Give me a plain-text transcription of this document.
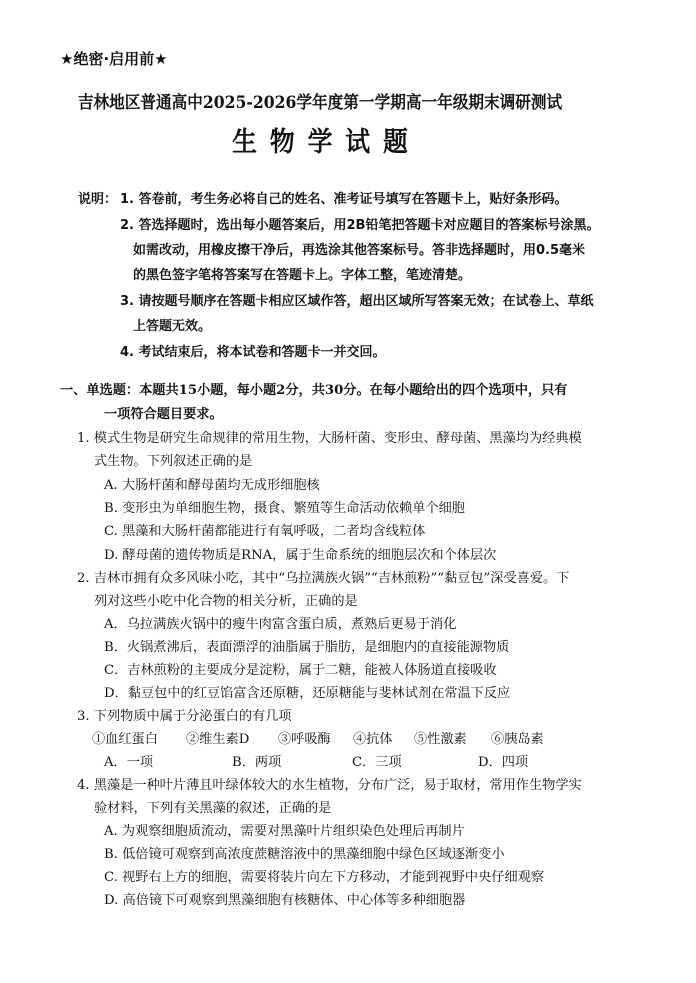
★绝密·启用前★
吉林地区普通高中2025-2026学年度第一学期高一年级期末调研测试
生物学试题
说明： 1. 答卷前，考生务必将自己的姓名、准考证号填写在答题卡上，贴好条形码。
2. 答选择题时，选出每小题答案后，用2B铅笔把答题卡对应题目的答案标号涂黑。
如需改动，用橡皮擦干净后，再选涂其他答案标号。答非选择题时，用0.5毫米
的黑色签字笔将答案写在答题卡上。字体工整，笔迹清楚。
3. 请按题号顺序在答题卡相应区域作答，超出区域所写答案无效；在试卷上、草纸
上答题无效。
4. 考试结束后，将本试卷和答题卡一并交回。
一、单选题：本题共15小题，每小题2分，共30分。在每小题给出的四个选项中，只有
一项符合题目要求。
1. 模式生物是研究生命规律的常用生物，大肠杆菌、变形虫、酵母菌、黑藻均为经典模
式生物。下列叙述正确的是
A. 大肠杆菌和酵母菌均无成形细胞核
B. 变形虫为单细胞生物，摄食、繁殖等生命活动依赖单个细胞
C. 黑藻和大肠杆菌都能进行有氧呼吸，二者均含线粒体
D. 酵母菌的遗传物质是RNA，属于生命系统的细胞层次和个体层次
2. 吉林市拥有众多风味小吃，其中“乌拉满族火锅”“吉林煎粉”“黏豆包”深受喜爱。下
列对这些小吃中化合物的相关分析，正确的是
A．乌拉满族火锅中的瘦牛肉富含蛋白质，煮熟后更易于消化
B．火锅煮沸后，表面漂浮的油脂属于脂肪，是细胞内的直接能源物质
C．吉林煎粉的主要成分是淀粉，属于二糖，能被人体肠道直接吸收
D．黏豆包中的红豆馅富含还原糖，还原糖能与斐林试剂在常温下反应
3. 下列物质中属于分泌蛋白的有几项
①血红蛋白 ②维生素D ③呼吸酶 ④抗体 ⑤性激素 ⑥胰岛素
A．一项	B．两项	C．三项	D．四项
4. 黑藻是一种叶片薄且叶绿体较大的水生植物，分布广泛，易于取材，常用作生物学实
验材料，下列有关黑藻的叙述，正确的是
A. 为观察细胞质流动，需要对黑藻叶片组织染色处理后再制片
B. 低倍镜可观察到高浓度蔗糖溶液中的黑藻细胞中绿色区域逐渐变小
C. 视野右上方的细胞，需要将装片向左下方移动，才能到视野中央仔细观察
D. 高倍镜下可观察到黑藻细胞有核糖体、中心体等多种细胞器
